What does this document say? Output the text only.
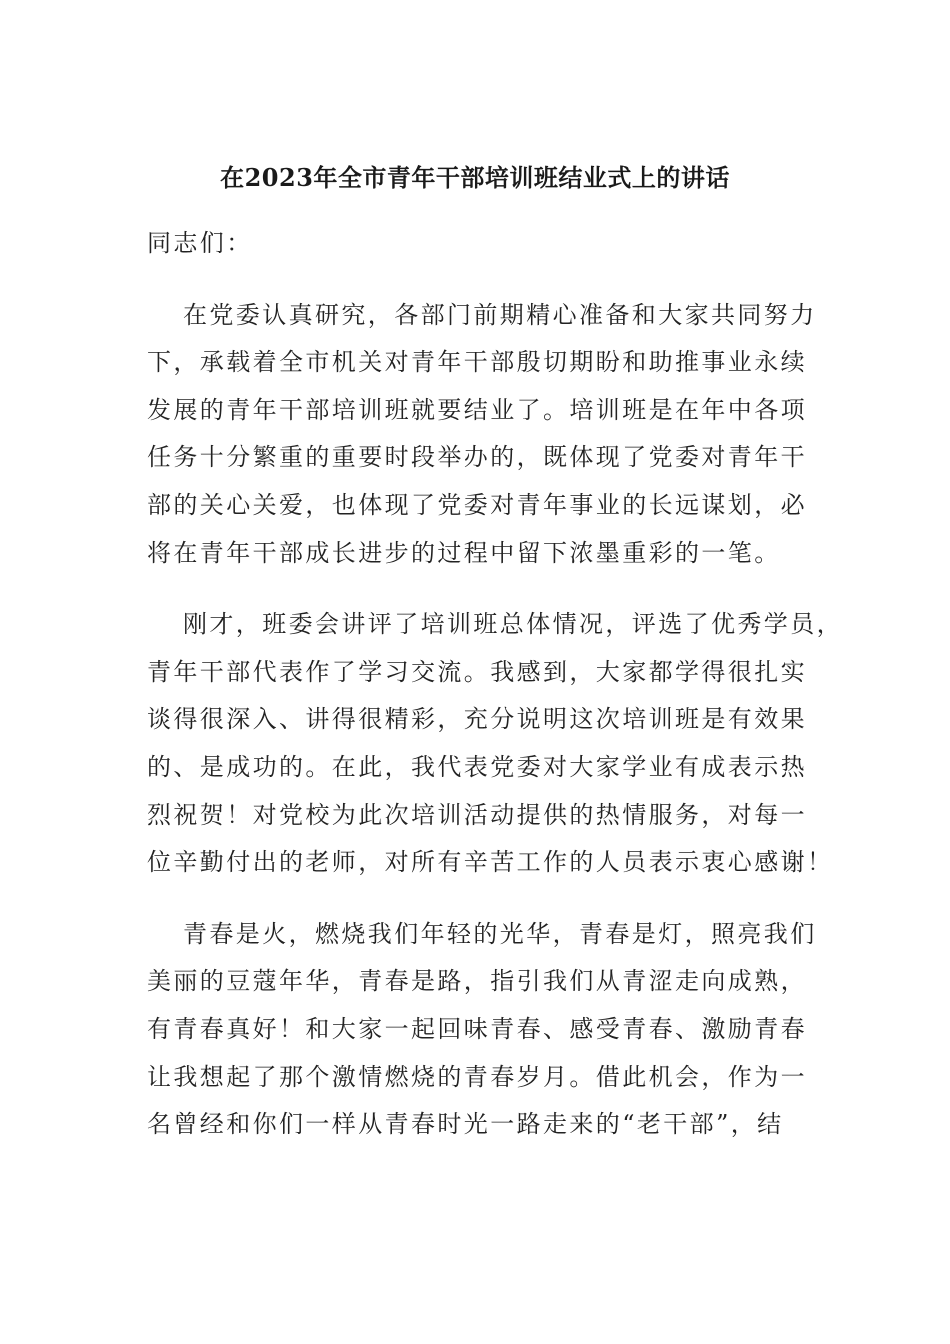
在2023年全市青年干部培训班结业式上的讲话

同志们：

在党委认真研究，各部门前期精心准备和大家共同努力

下，承载着全市机关对青年干部殷切期盼和助推事业永续

发展的青年干部培训班就要结业了。培训班是在年中各项

任务十分繁重的重要时段举办的，既体现了党委对青年干

部的关心关爱，也体现了党委对青年事业的长远谋划，必

将在青年干部成长进步的过程中留下浓墨重彩的一笔。

刚才，班委会讲评了培训班总体情况，评选了优秀学员，

青年干部代表作了学习交流。我感到，大家都学得很扎实

谈得很深入、讲得很精彩，充分说明这次培训班是有效果

的、是成功的。在此，我代表党委对大家学业有成表示热

烈祝贺！对党校为此次培训活动提供的热情服务，对每一

位辛勤付出的老师，对所有辛苦工作的人员表示衷心感谢！

青春是火，燃烧我们年轻的光华，青春是灯，照亮我们

美丽的豆蔻年华，青春是路，指引我们从青涩走向成熟，

有青春真好！和大家一起回味青春、感受青春、激励青春

让我想起了那个激情燃烧的青春岁月。借此机会，作为一

名曾经和你们一样从青春时光一路走来的“老干部”，结
